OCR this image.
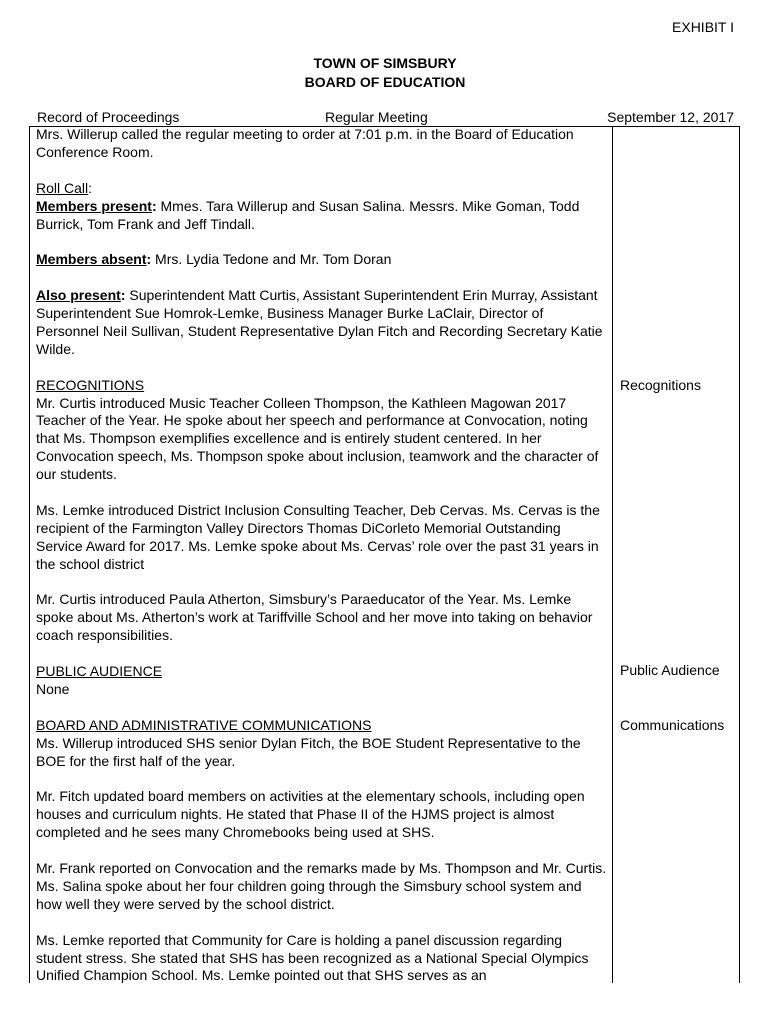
EXHIBIT I
TOWN OF SIMSBURY
BOARD OF EDUCATION
Record of Proceedings	Regular Meeting	September 12, 2017

Mrs. Willerup called the regular meeting to order at 7:01 p.m. in the Board of Education Conference Room.

Roll Call:
Members present: Mmes. Tara Willerup and Susan Salina. Messrs. Mike Goman, Todd Burrick, Tom Frank and Jeff Tindall.

Members absent: Mrs. Lydia Tedone and Mr. Tom Doran

Also present: Superintendent Matt Curtis, Assistant Superintendent Erin Murray, Assistant Superintendent Sue Homrok-Lemke, Business Manager Burke LaClair, Director of Personnel Neil Sullivan, Student Representative Dylan Fitch and Recording Secretary Katie Wilde.

RECOGNITIONS
Mr. Curtis introduced Music Teacher Colleen Thompson, the Kathleen Magowan 2017 Teacher of the Year. He spoke about her speech and performance at Convocation, noting that Ms. Thompson exemplifies excellence and is entirely student centered. In her Convocation speech, Ms. Thompson spoke about inclusion, teamwork and the character of our students.

Ms. Lemke introduced District Inclusion Consulting Teacher, Deb Cervas. Ms. Cervas is the recipient of the Farmington Valley Directors Thomas DiCorleto Memorial Outstanding Service Award for 2017. Ms. Lemke spoke about Ms. Cervas’ role over the past 31 years in the school district

Mr. Curtis introduced Paula Atherton, Simsbury’s Paraeducator of the Year. Ms. Lemke spoke about Ms. Atherton’s work at Tariffville School and her move into taking on behavior coach responsibilities.

PUBLIC AUDIENCE
None

BOARD AND ADMINISTRATIVE COMMUNICATIONS
Ms. Willerup introduced SHS senior Dylan Fitch, the BOE Student Representative to the BOE for the first half of the year.

Mr. Fitch updated board members on activities at the elementary schools, including open houses and curriculum nights. He stated that Phase II of the HJMS project is almost completed and he sees many Chromebooks being used at SHS.

Mr. Frank reported on Convocation and the remarks made by Ms. Thompson and Mr. Curtis. Ms. Salina spoke about her four children going through the Simsbury school system and how well they were served by the school district.

Ms. Lemke reported that Community for Care is holding a panel discussion regarding student stress. She stated that SHS has been recognized as a National Special Olympics Unified Champion School. Ms. Lemke pointed out that SHS serves as an

Recognitions
Public Audience
Communications
